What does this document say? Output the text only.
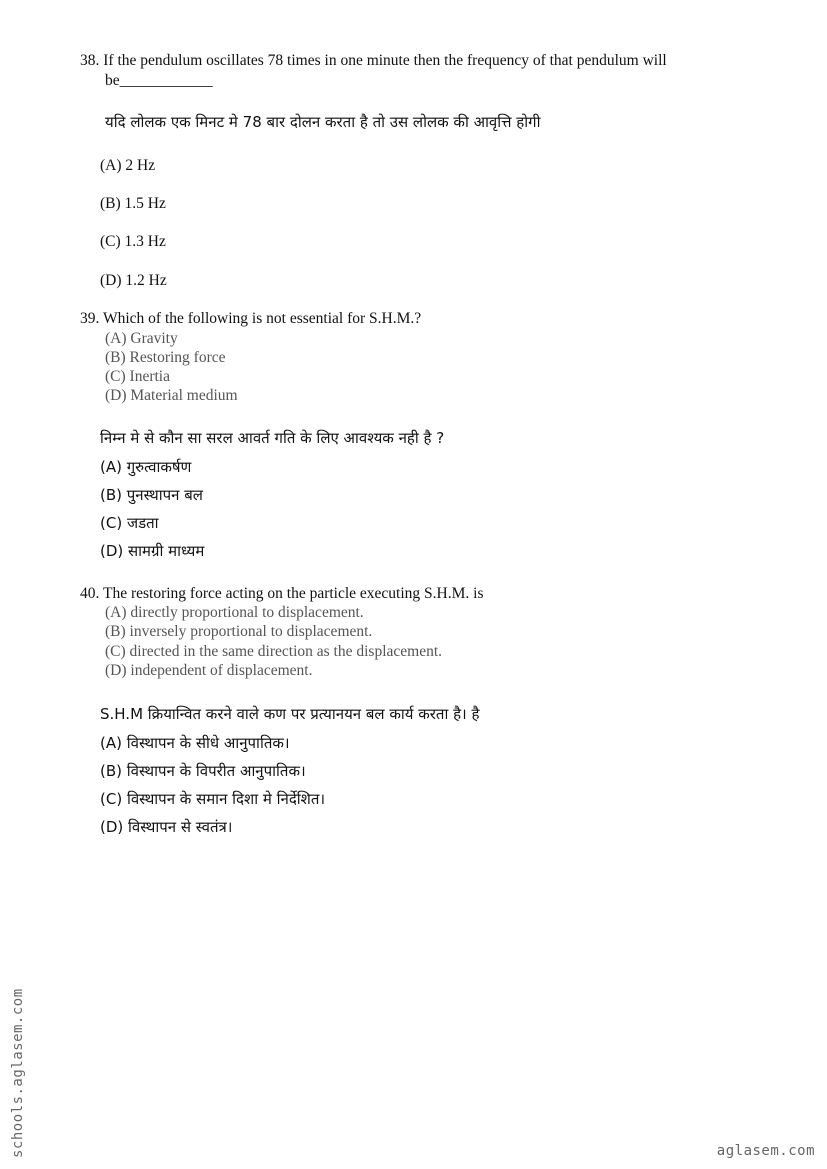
38. If the pendulum oscillates 78 times in one minute then the frequency of that pendulum will
be____________
यदि लोलक एक मिनट मे 78 बार दोलन करता है तो उस लोलक की आवृत्ति होगी
(A) 2 Hz
(B) 1.5 Hz
(C) 1.3 Hz
(D) 1.2 Hz
39. Which of the following is not essential for S.H.M.?
(A) Gravity
(B) Restoring force
(C) Inertia
(D) Material medium
निम्न मे से कौन सा सरल आवर्त गति के लिए आवश्यक नही है ?
(A) गुरुत्वाकर्षण
(B) पुनस्थापन बल
(C) जडता
(D) सामग्री माध्यम
40. The restoring force acting on the particle executing S.H.M. is
(A) directly proportional to displacement.
(B) inversely proportional to displacement.
(C) directed in the same direction as the displacement.
(D) independent of displacement.
S.H.M क्रियान्वित करने वाले कण पर प्रत्यानयन बल कार्य करता है। है
(A) विस्थापन के सीधे आनुपातिक।
(B) विस्थापन के विपरीत आनुपातिक।
(C) विस्थापन के समान दिशा मे निर्देशित।
(D) विस्थापन से स्वतंत्र।
schools.aglasem.com	aglasem.com
